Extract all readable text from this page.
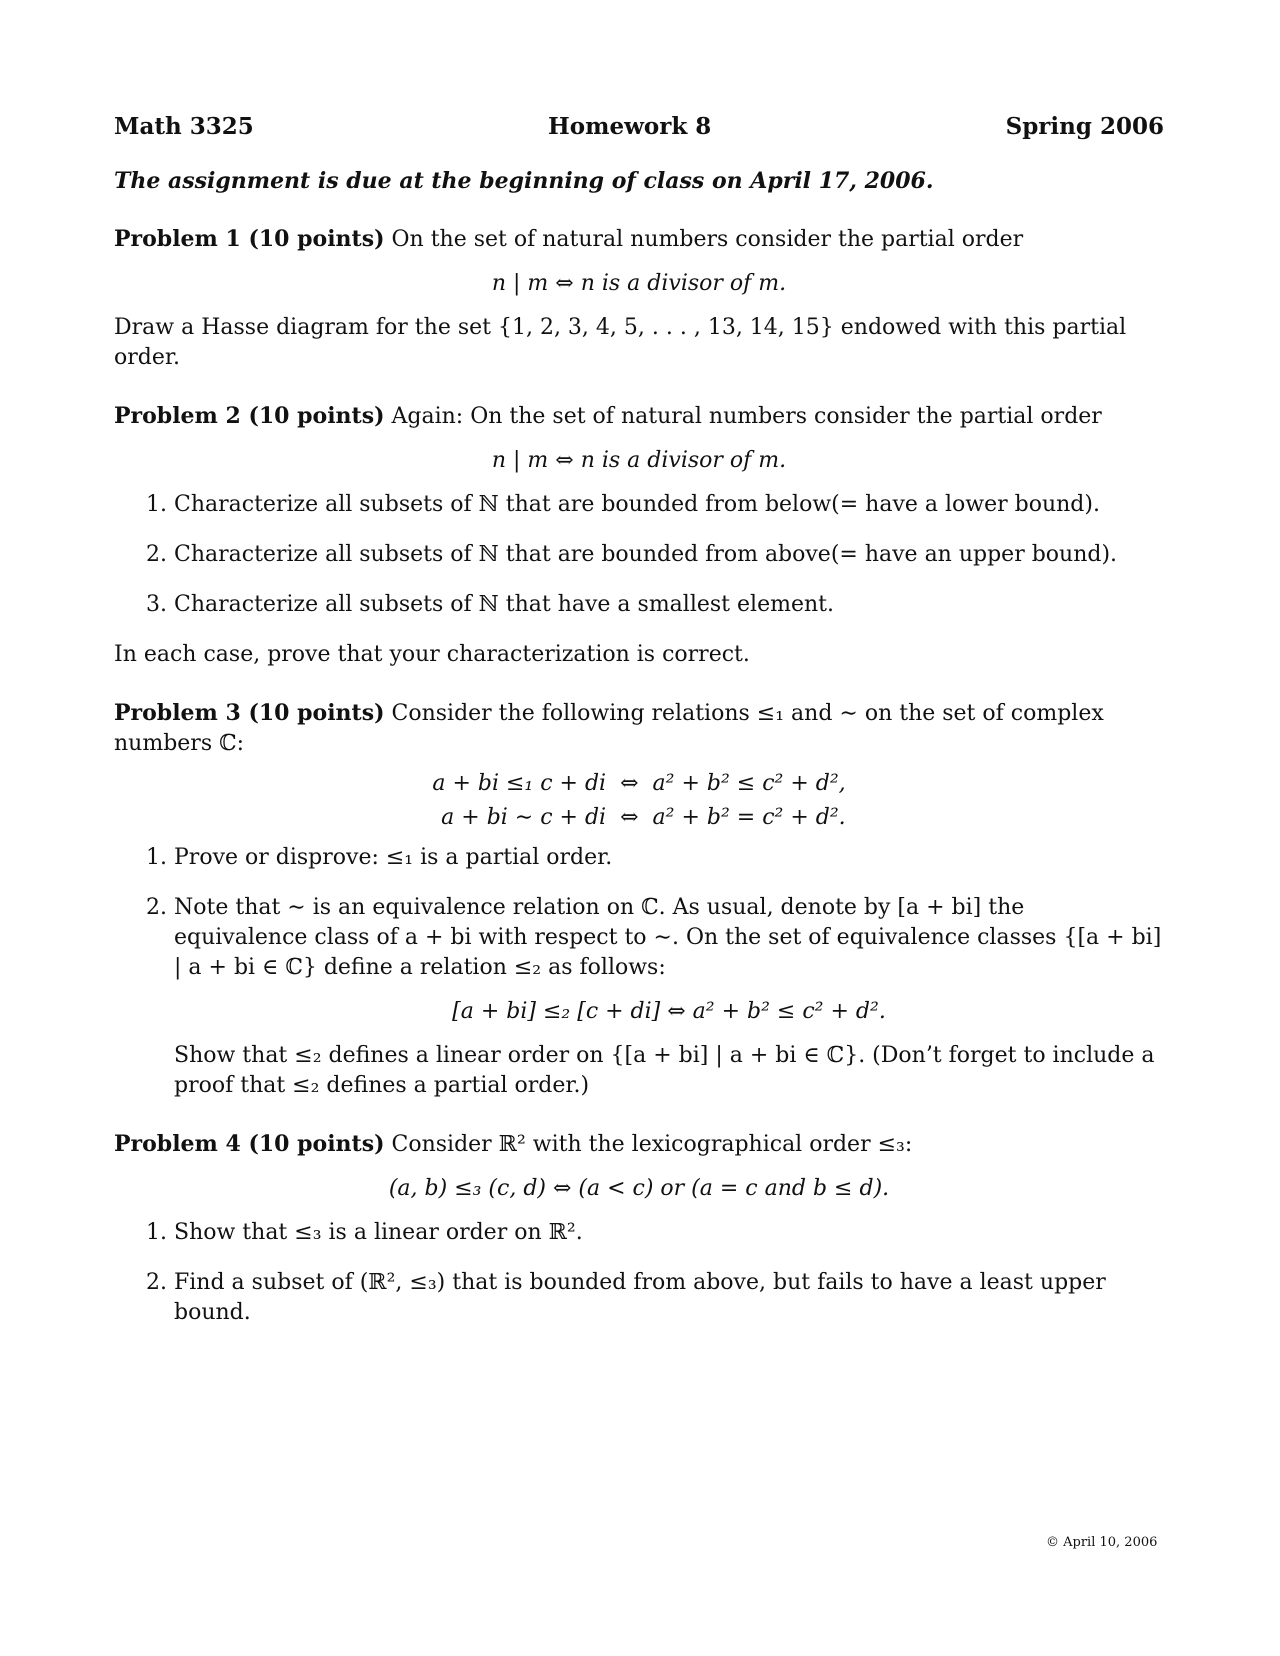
Math 3325	Homework 8	Spring 2006
The assignment is due at the beginning of class on April 17, 2006.
Problem 1 (10 points) On the set of natural numbers consider the partial order
n | m ⇔ n is a divisor of m.
Draw a Hasse diagram for the set {1, 2, 3, 4, 5, . . . , 13, 14, 15} endowed with this partial order.
Problem 2 (10 points) Again: On the set of natural numbers consider the partial order
n | m ⇔ n is a divisor of m.
1. Characterize all subsets of ℕ that are bounded from below(= have a lower bound).
2. Characterize all subsets of ℕ that are bounded from above(= have an upper bound).
3. Characterize all subsets of ℕ that have a smallest element.
In each case, prove that your characterization is correct.
Problem 3 (10 points) Consider the following relations ≤₁ and ∼ on the set of complex numbers ℂ:
a + bi ≤₁ c + di ⇔ a² + b² ≤ c² + d²,
a + bi ∼ c + di ⇔ a² + b² = c² + d².
1. Prove or disprove: ≤₁ is a partial order.
2. Note that ∼ is an equivalence relation on ℂ. As usual, denote by [a + bi] the equivalence class of a + bi with respect to ∼. On the set of equivalence classes {[a + bi] | a + bi ∈ ℂ} define a relation ≤₂ as follows:
[a + bi] ≤₂ [c + di] ⇔ a² + b² ≤ c² + d².
Show that ≤₂ defines a linear order on {[a + bi] | a + bi ∈ ℂ}. (Don’t forget to include a proof that ≤₂ defines a partial order.)
Problem 4 (10 points) Consider ℝ² with the lexicographical order ≤₃:
(a, b) ≤₃ (c, d) ⇔ (a < c) or (a = c and b ≤ d).
1. Show that ≤₃ is a linear order on ℝ².
2. Find a subset of (ℝ², ≤₃) that is bounded from above, but fails to have a least upper bound.
© April 10, 2006
